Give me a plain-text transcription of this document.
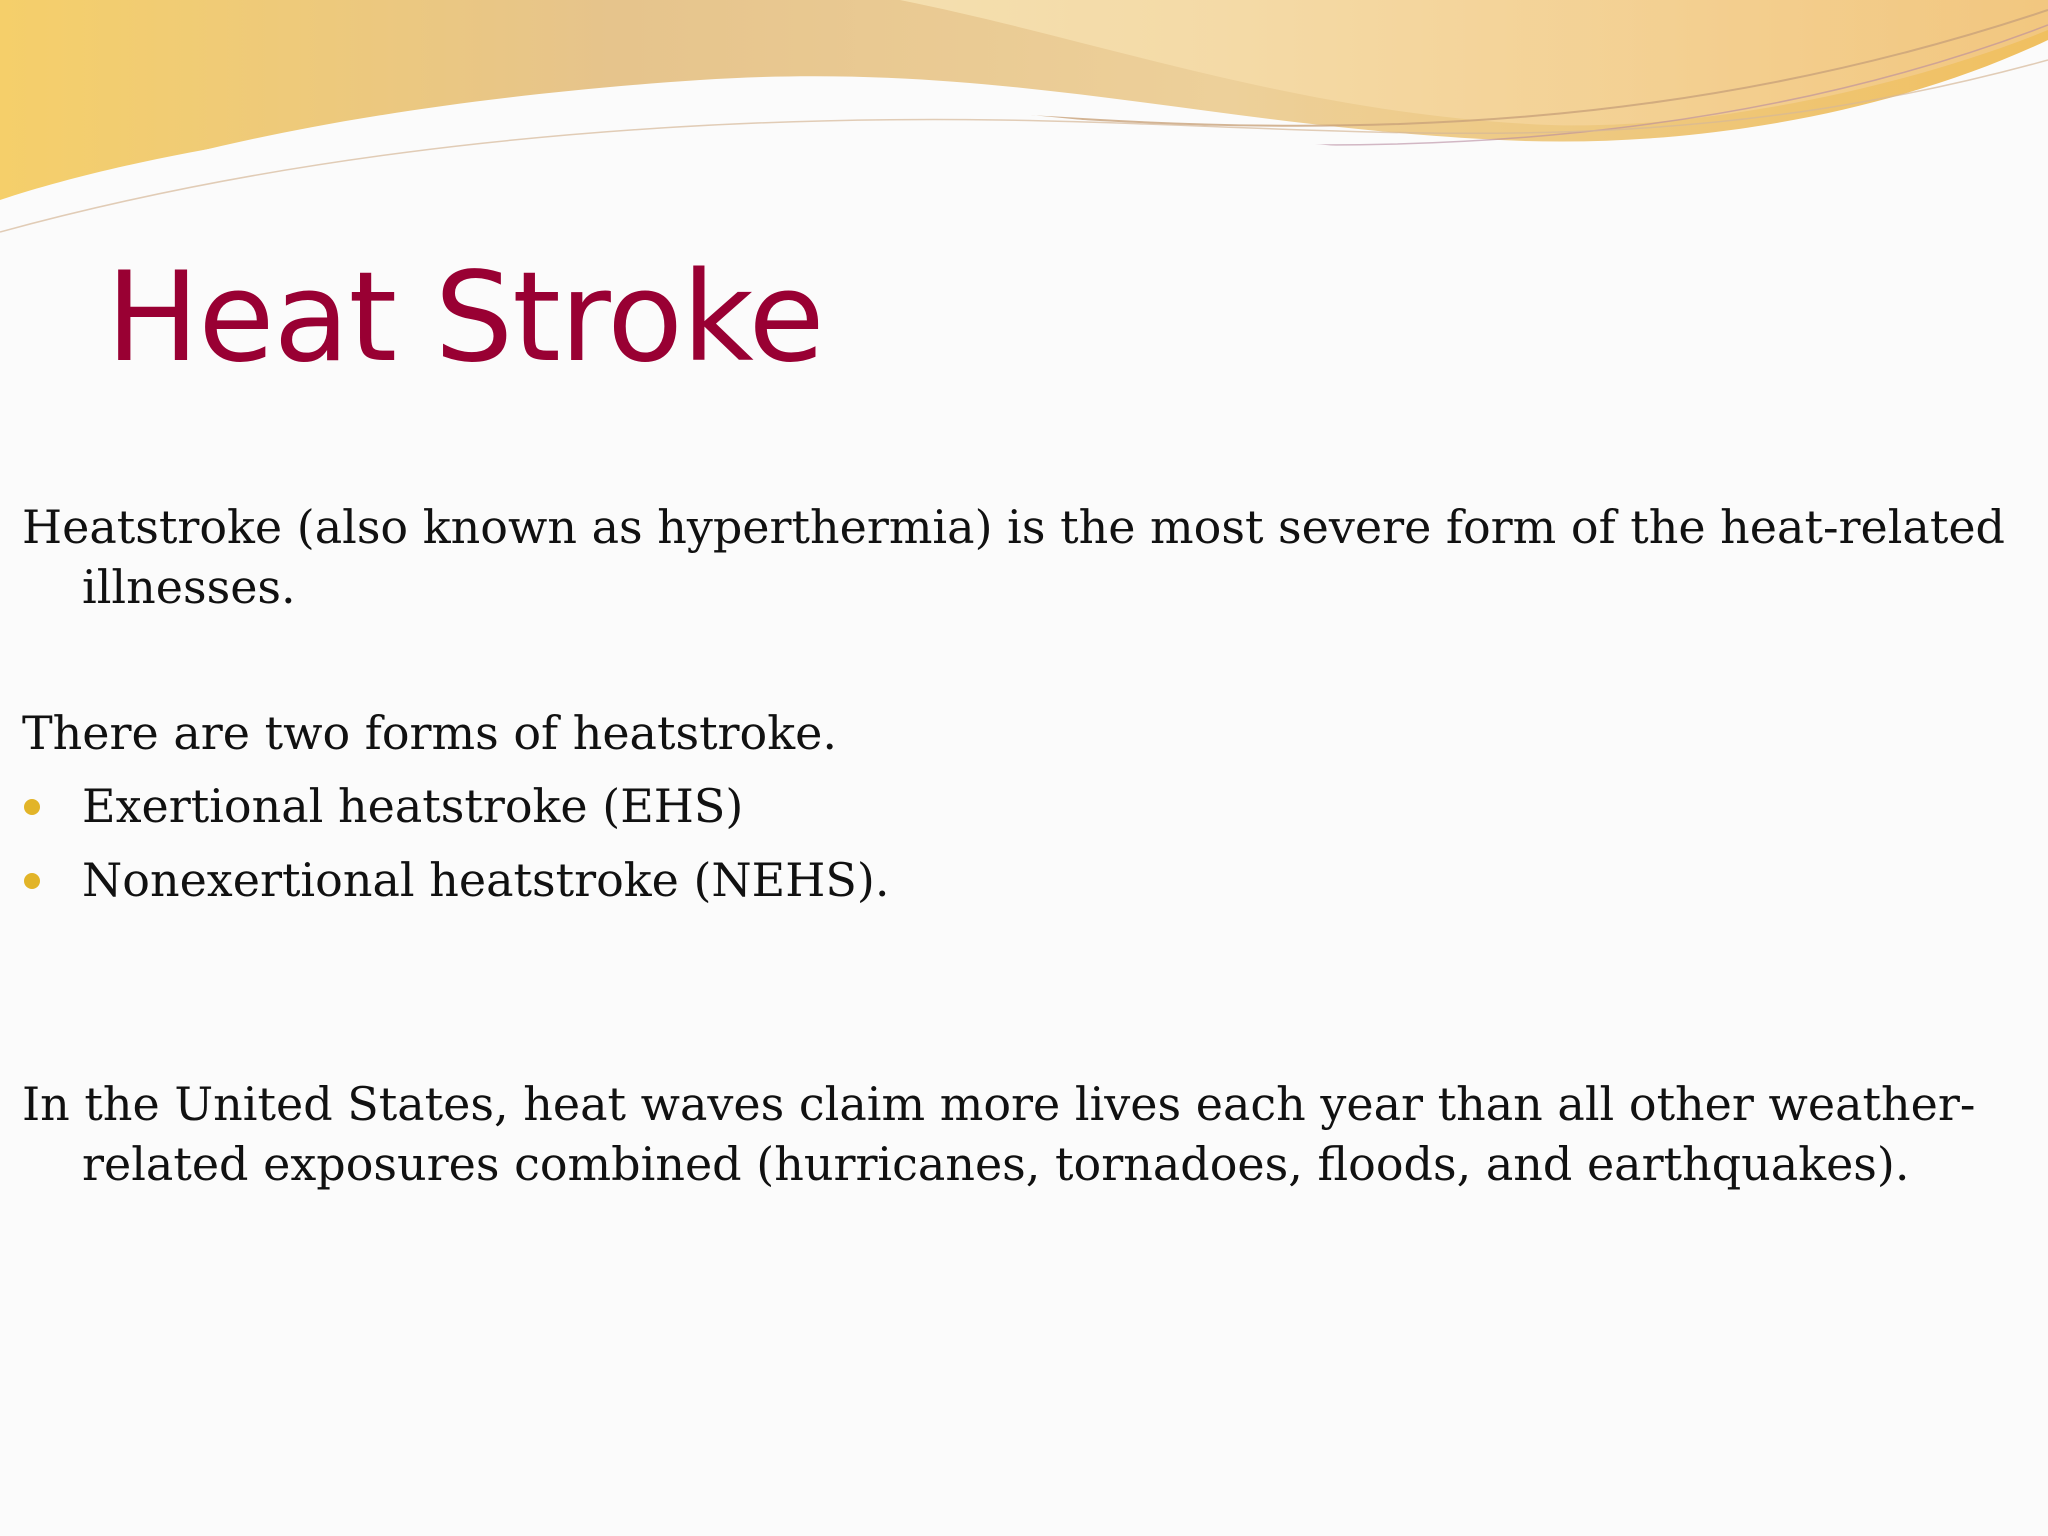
Heat Stroke

Heatstroke (also known as hyperthermia) is the most severe form of the heat-related illnesses.

There are two forms of heatstroke.

Exertional heatstroke (EHS)
Nonexertional heatstroke (NEHS).

In the United States, heat waves claim more lives each year than all other weather-related exposures combined (hurricanes, tornadoes, floods, and earthquakes).
